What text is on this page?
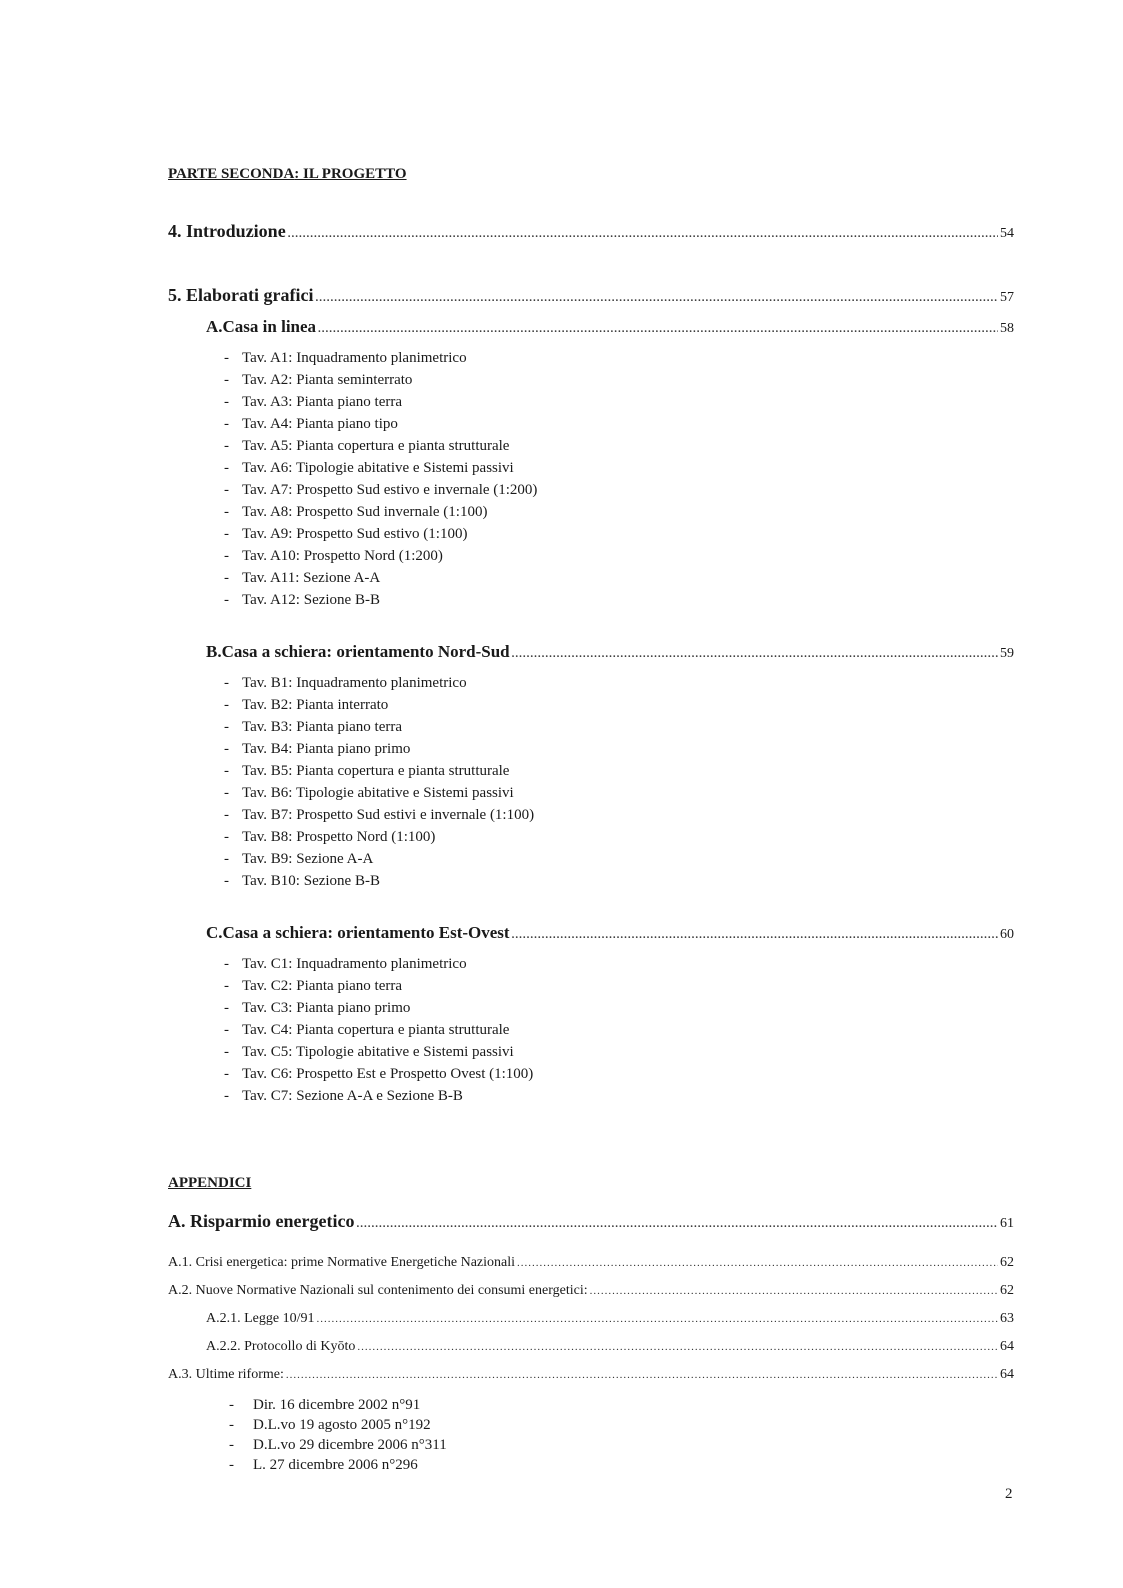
PARTE SECONDA: IL PROGETTO
4. Introduzione .....	54
5. Elaborati grafici .....	57
A.Casa in linea .....	58
- Tav. A1: Inquadramento planimetrico
- Tav. A2: Pianta seminterrato
- Tav. A3: Pianta piano terra
- Tav. A4: Pianta piano tipo
- Tav. A5: Pianta copertura e pianta strutturale
- Tav. A6: Tipologie abitative e Sistemi passivi
- Tav. A7: Prospetto Sud estivo e invernale (1:200)
- Tav. A8: Prospetto Sud invernale (1:100)
- Tav. A9: Prospetto Sud estivo (1:100)
- Tav. A10: Prospetto Nord (1:200)
- Tav. A11: Sezione A-A
- Tav. A12: Sezione B-B
B.Casa a schiera: orientamento Nord-Sud .....	59
- Tav. B1: Inquadramento planimetrico
- Tav. B2: Pianta interrato
- Tav. B3: Pianta piano terra
- Tav. B4: Pianta piano primo
- Tav. B5: Pianta copertura e pianta strutturale
- Tav. B6: Tipologie abitative e Sistemi passivi
- Tav. B7: Prospetto Sud estivi e invernale (1:100)
- Tav. B8: Prospetto Nord (1:100)
- Tav. B9: Sezione A-A
- Tav. B10: Sezione B-B
C.Casa a schiera: orientamento Est-Ovest .....	60
- Tav. C1: Inquadramento planimetrico
- Tav. C2: Pianta piano terra
- Tav. C3: Pianta piano primo
- Tav. C4: Pianta copertura e pianta strutturale
- Tav. C5: Tipologie abitative e Sistemi passivi
- Tav. C6: Prospetto Est e Prospetto Ovest (1:100)
- Tav. C7: Sezione A-A e Sezione B-B
APPENDICI
A. Risparmio energetico .....	61
A.1. Crisi energetica: prime Normative Energetiche Nazionali .....	62
A.2. Nuove Normative Nazionali sul contenimento dei consumi energetici: .....	62
A.2.1. Legge 10/91 .....	63
A.2.2. Protocollo di Kyōto .....	64
A.3. Ultime riforme: .....	64
- Dir. 16 dicembre 2002 n°91
- D.L.vo 19 agosto 2005 n°192
- D.L.vo 29 dicembre 2006 n°311
- L. 27 dicembre 2006 n°296
2
